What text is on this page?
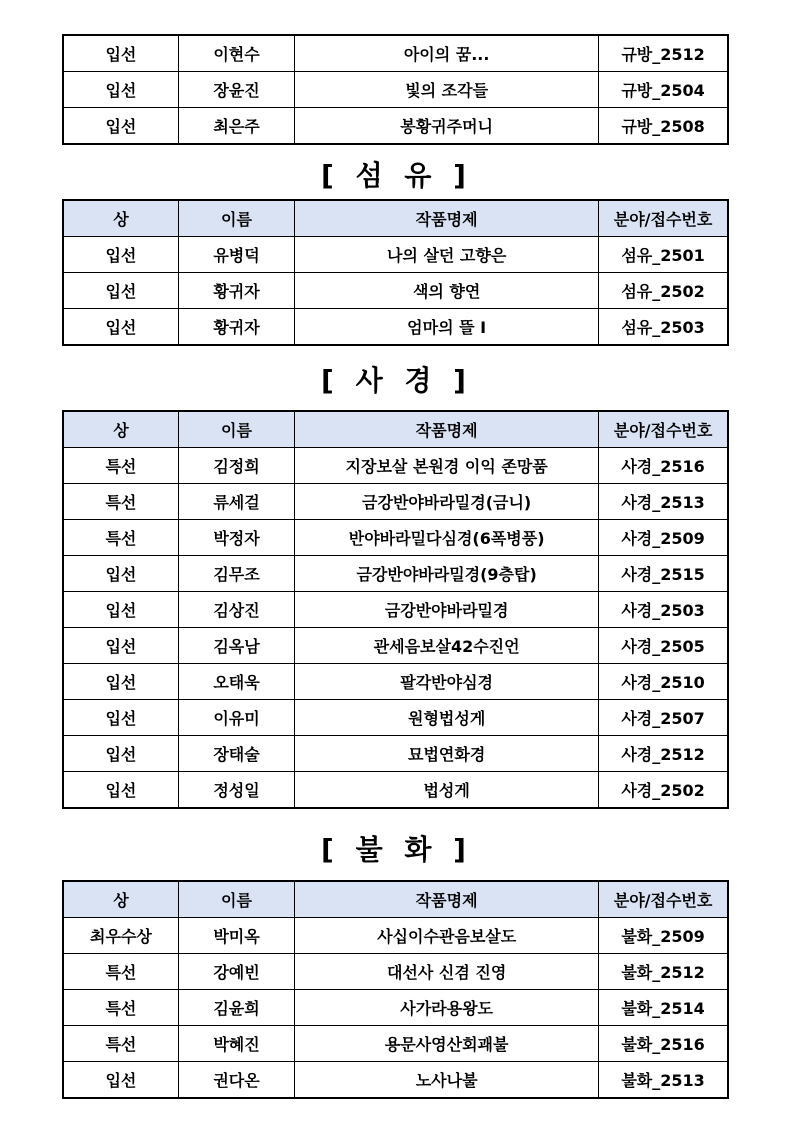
입선	이현수	아이의 꿈...	규방_2512
입선	장윤진	빛의 조각들	규방_2504
입선	최은주	봉황귀주머니	규방_2508
[ 섬 유 ]
상	이름	작품명제	분야/접수번호
입선	유병덕	나의 살던 고향은	섬유_2501
입선	황귀자	색의 향연	섬유_2502
입선	황귀자	엄마의 뜰 Ⅰ	섬유_2503
[ 사 경 ]
상	이름	작품명제	분야/접수번호
특선	김정희	지장보살 본원경 이익 존망품	사경_2516
특선	류세걸	금강반야바라밀경(금니)	사경_2513
특선	박정자	반야바라밀다심경(6폭병풍)	사경_2509
입선	김무조	금강반야바라밀경(9층탑)	사경_2515
입선	김상진	금강반야바라밀경	사경_2503
입선	김옥남	관세음보살42수진언	사경_2505
입선	오태욱	팔각반야심경	사경_2510
입선	이유미	원형법성게	사경_2507
입선	장태술	묘법연화경	사경_2512
입선	정성일	법성게	사경_2502
[ 불 화 ]
상	이름	작품명제	분야/접수번호
최우수상	박미옥	사십이수관음보살도	불화_2509
특선	강예빈	대선사 신겸 진영	불화_2512
특선	김윤희	사가라용왕도	불화_2514
특선	박혜진	용문사영산회괘불	불화_2516
입선	권다온	노사나불	불화_2513
